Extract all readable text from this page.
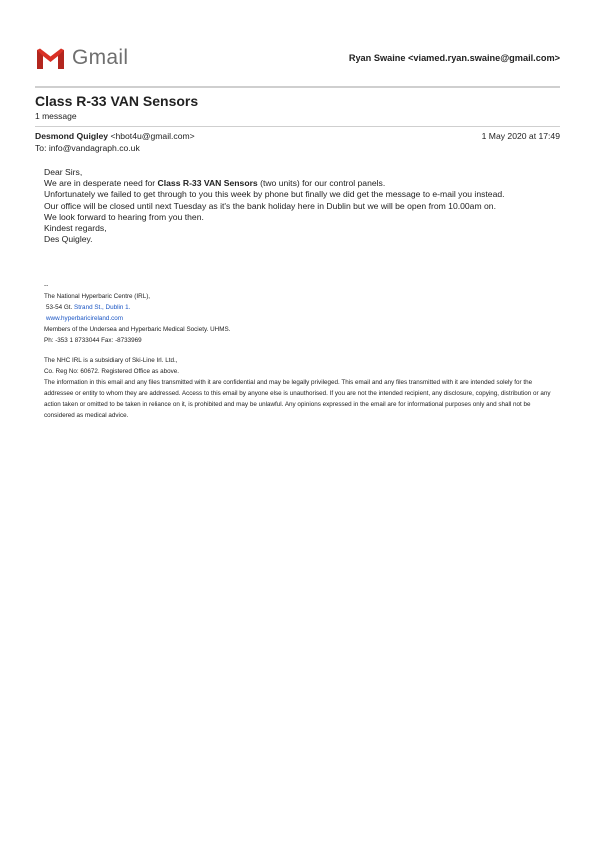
Gmail	Ryan Swaine <viamed.ryan.swaine@gmail.com>
Class R-33 VAN Sensors
1 message
Desmond Quigley <hbot4u@gmail.com>	1 May 2020 at 17:49
To: info@vandagraph.co.uk

Dear Sirs,

We are in desperate need for Class R-33 VAN Sensors (two units) for our control panels.

Unfortunately we failed to get through to you this week by phone but finally we did get the message to e-mail you instead.

Our office will be closed until next Tuesday as it's the bank holiday here in Dublin but we will be open from 10.00am on.

We look forward to hearing from you then.

Kindest regards,

Des Quigley.

--

The National Hyperbaric Centre (IRL),

53-54 Gt. Strand St., Dublin 1.

www.hyperbaricireland.com

Members of the Undersea and Hyperbaric Medical Society. UHMS.

Ph: -353 1 8733044 Fax: -8733969

The NHC IRL is a subsidiary of Ski-Line Irl. Ltd.,

Co. Reg No: 60672. Registered Office as above.

The information in this email and any files transmitted with it are confidential and may be legally privileged. This email and any files transmitted with it are intended solely for the addressee or entity to whom they are addressed. Access to this email by anyone else is unauthorised. If you are not the intended recipient, any disclosure, copying, distribution or any action taken or omitted to be taken in reliance on it, is prohibited and may be unlawful. Any opinions expressed in the email are for informational purposes only and shall not be considered as medical advice.
